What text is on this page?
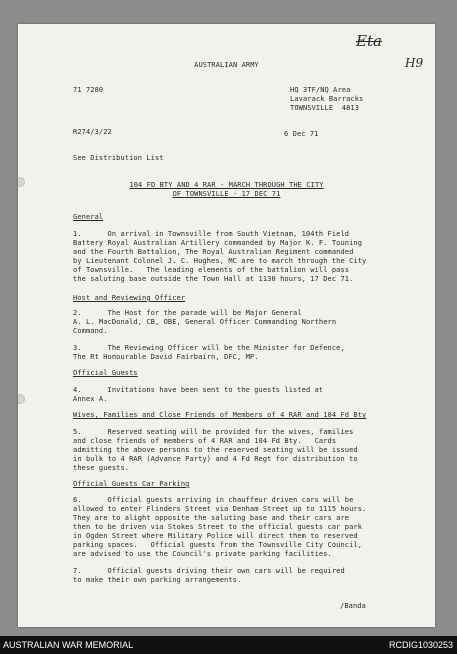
AUSTRALIAN ARMY
Eta
H9
71 7280	HQ 3TF/NQ Area
Lavarack Barracks
TOWNSVILLE  4813
R274/3/22	6 Dec 71
See Distribution List
104 FD BTY AND 4 RAR - MARCH THROUGH THE CITY
OF TOWNSVILLE - 17 DEC 71
General
1.      On arrival in Townsville from South Vietnam, 104th Field
Battery Royal Australian Artillery commanded by Major K. F. Touning
and the Fourth Battalion, The Royal Australian Regiment commanded
by Lieutenant Colonel J. C. Hughes, MC are to march through the City
of Townsville.   The leading elements of the battalion will pass
the saluting base outside the Town Hall at 1130 hours, 17 Dec 71.
Host and Reviewing Officer
2.      The Host for the parade will be Major General
A. L. MacDonald, CB, OBE, General Officer Commanding Northern
Command.
3.      The Reviewing Officer will be the Minister for Defence,
The Rt Honourable David Fairbairn, DFC, MP.
Official Guests
4.      Invitations have been sent to the guests listed at
Annex A.
Wives, Families and Close Friends of Members of 4 RAR and 104 Fd Bty
5.      Reserved seating will be provided for the wives, families
and close friends of members of 4 RAR and 104 Fd Bty.   Cards
admitting the above persons to the reserved seating will be issued
in bulk to 4 RAR (Advance Party) and 4 Fd Regt for distribution to
these guests.
Official Guests Car Parking
6.      Official guests arriving in chauffeur driven cars will be
allowed to enter Flinders Street via Denham Street up to 1115 hours.
They are to alight opposite the saluting base and their cars are
then to be driven via Stokes Street to the official guests car park
in Ogden Street where Military Police will direct them to reserved
parking spaces.   Official guests from the Townsville City Council,
are advised to use the Council's private parking facilities.
7.      Official guests driving their own cars will be required
to make their own parking arrangements.
/Banda
AUSTRALIAN WAR MEMORIAL	RCDIG1030253
